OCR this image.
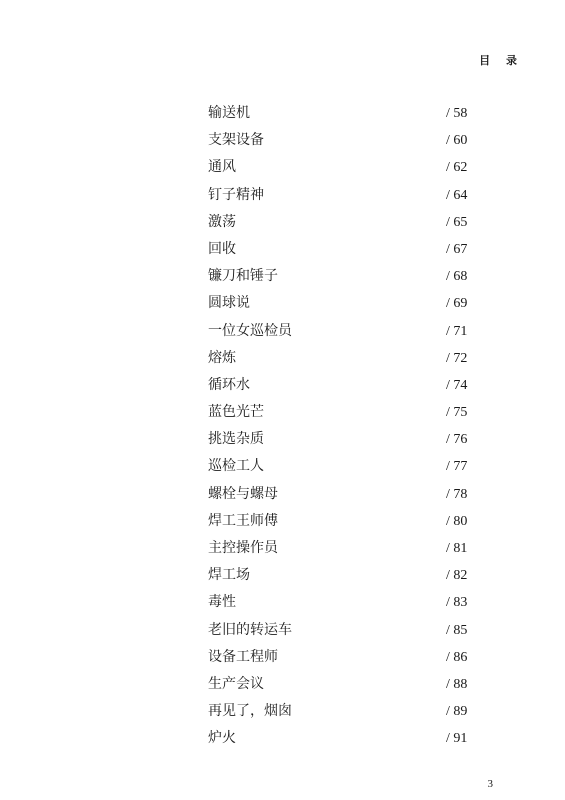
目 录
输送机	/ 58
支架设备	/ 60
通风	/ 62
钉子精神	/ 64
激荡	/ 65
回收	/ 67
镰刀和锤子	/ 68
圆球说	/ 69
一位女巡检员	/ 71
熔炼	/ 72
循环水	/ 74
蓝色光芒	/ 75
挑选杂质	/ 76
巡检工人	/ 77
螺栓与螺母	/ 78
焊工王师傅	/ 80
主控操作员	/ 81
焊工场	/ 82
毒性	/ 83
老旧的转运车	/ 85
设备工程师	/ 86
生产会议	/ 88
再见了，烟囱	/ 89
炉火	/ 91
3
